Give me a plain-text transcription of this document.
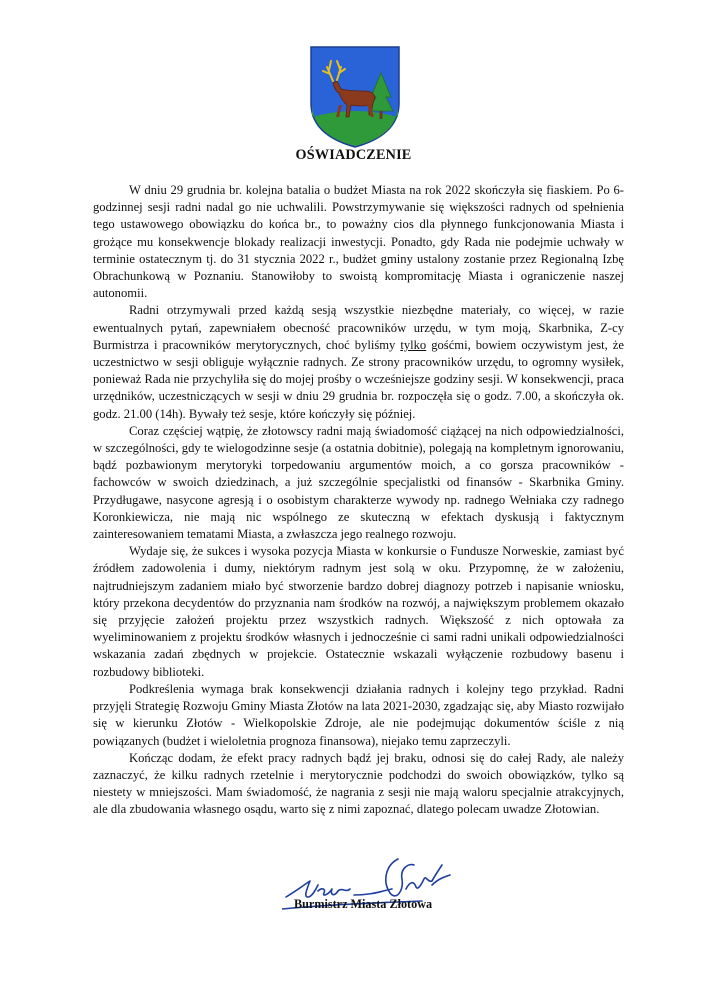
OŚWIADCZENIE

W dniu 29 grudnia br. kolejna batalia o budżet Miasta na rok 2022 skończyła się fiaskiem. Po 6- godzinnej sesji radni nadal go nie uchwalili. Powstrzymywanie się większości radnych od spełnienia tego ustawowego obowiązku do końca br., to poważny cios dla płynnego funkcjonowania Miasta i grożące mu konsekwencje blokady realizacji inwestycji. Ponadto, gdy Rada nie podejmie uchwały w terminie ostatecznym tj. do 31 stycznia 2022 r., budżet gminy ustalony zostanie przez Regionalną Izbę Obrachunkową w Poznaniu. Stanowiłoby to swoistą kompromitację Miasta i ograniczenie naszej autonomii.

Radni otrzymywali przed każdą sesją wszystkie niezbędne materiały, co więcej, w razie ewentualnych pytań, zapewniałem obecność pracowników urzędu, w tym moją, Skarbnika, Z-cy Burmistrza i pracowników merytorycznych, choć byliśmy tylko gośćmi, bowiem oczywistym jest, że uczestnictwo w sesji obliguje wyłącznie radnych. Ze strony pracowników urzędu, to ogromny wysiłek, ponieważ Rada nie przychyliła się do mojej prośby o wcześniejsze godziny sesji. W konsekwencji, praca urzędników, uczestniczących w sesji w dniu 29 grudnia br. rozpoczęła się o godz. 7.00, a skończyła ok. godz. 21.00 (14h). Bywały też sesje, które kończyły się później.

Coraz częściej wątpię, że złotowscy radni mają świadomość ciążącej na nich odpowiedzialności, w szczególności, gdy te wielogodzinne sesje (a ostatnia dobitnie), polegają na kompletnym ignorowaniu, bądź pozbawionym merytoryki torpedowaniu argumentów moich, a co gorsza pracowników - fachowców w swoich dziedzinach, a już szczególnie specjalistki od finansów - Skarbnika Gminy. Przydługawe, nasycone agresją i o osobistym charakterze wywody np. radnego Wełniaka czy radnego Koronkiewicza, nie mają nic wspólnego ze skuteczną w efektach dyskusją i faktycznym zainteresowaniem tematami Miasta, a zwłaszcza jego realnego rozwoju.

Wydaje się, że sukces i wysoka pozycja Miasta w konkursie o Fundusze Norweskie, zamiast być źródłem zadowolenia i dumy, niektórym radnym jest solą w oku. Przypomnę, że w założeniu, najtrudniejszym zadaniem miało być stworzenie bardzo dobrej diagnozy potrzeb i napisanie wniosku, który przekona decydentów do przyznania nam środków na rozwój, a największym problemem okazało się przyjęcie założeń projektu przez wszystkich radnych. Większość z nich optowała za wyeliminowaniem z projektu środków własnych i jednocześnie ci sami radni unikali odpowiedzialności wskazania zadań zbędnych w projekcie. Ostatecznie wskazali wyłączenie rozbudowy basenu i rozbudowy biblioteki.

Podkreślenia wymaga brak konsekwencji działania radnych i kolejny tego przykład. Radni przyjęli Strategię Rozwoju Gminy Miasta Złotów na lata 2021-2030, zgadzając się, aby Miasto rozwijało się w kierunku Złotów - Wielkopolskie Zdroje, ale nie podejmując dokumentów ściśle z nią powiązanych (budżet i wieloletnia prognoza finansowa), niejako temu zaprzeczyli.

Kończąc dodam, że efekt pracy radnych bądź jej braku, odnosi się do całej Rady, ale należy zaznaczyć, że kilku radnych rzetelnie i merytorycznie podchodzi do swoich obowiązków, tylko są niestety w mniejszości. Mam świadomość, że nagrania z sesji nie mają waloru specjalnie atrakcyjnych, ale dla zbudowania własnego osądu, warto się z nimi zapoznać, dlatego polecam uwadze Złotowian.

Burmistrz Miasta Złotowa
